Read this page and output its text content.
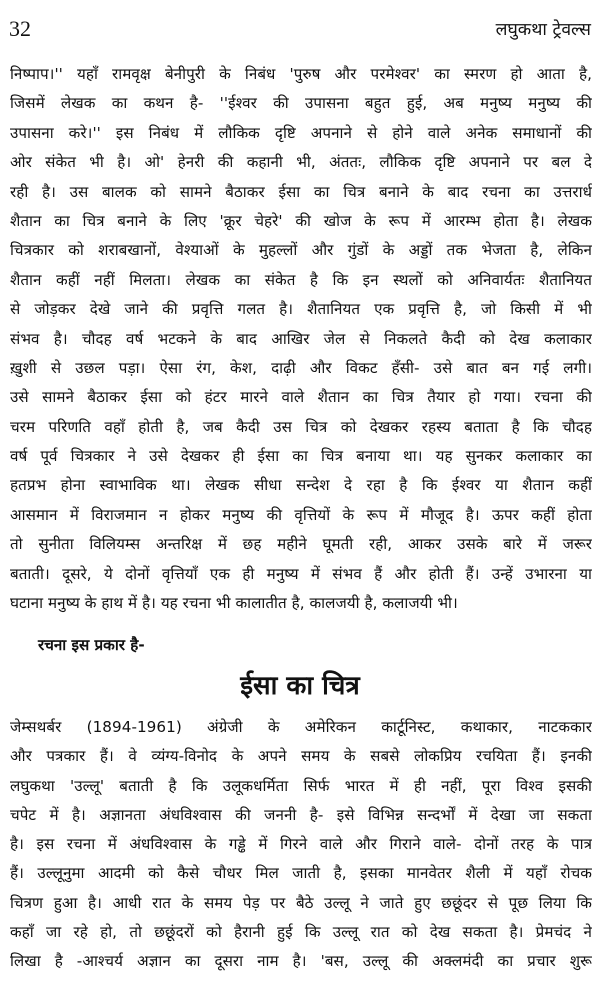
32	लघुकथा ट्रेवल्स
निष्पाप।'' यहाँ रामवृक्ष बेनीपुरी के निबंध 'पुरुष और परमेश्वर' का स्मरण हो आता है,
जिसमें लेखक का कथन है- ''ईश्वर की उपासना बहुत हुई, अब मनुष्य मनुष्य की
उपासना करे।'' इस निबंध में लौकिक दृष्टि अपनाने से होने वाले अनेक समाधानों की
ओर संकेत भी है। ओ' हेनरी की कहानी भी, अंततः, लौकिक दृष्टि अपनाने पर बल दे
रही है। उस बालक को सामने बैठाकर ईसा का चित्र बनाने के बाद रचना का उत्तरार्ध
शैतान का चित्र बनाने के लिए 'क्रूर चेहरे' की खोज के रूप में आरम्भ होता है। लेखक
चित्रकार को शराबखानों, वेश्याओं के मुहल्लों और गुंडों के अड्डों तक भेजता है, लेकिन
शैतान कहीं नहीं मिलता। लेखक का संकेत है कि इन स्थलों को अनिवार्यतः शैतानियत
से जोड़कर देखे जाने की प्रवृत्ति गलत है। शैतानियत एक प्रवृत्ति है, जो किसी में भी
संभव है। चौदह वर्ष भटकने के बाद आखिर जेल से निकलते कैदी को देख कलाकार
ख़ुशी से उछल पड़ा। ऐसा रंग, केश, दाढ़ी और विकट हँसी- उसे बात बन गई लगी।
उसे सामने बैठाकर ईसा को हंटर मारने वाले शैतान का चित्र तैयार हो गया। रचना की
चरम परिणति वहाँ होती है, जब कैदी उस चित्र को देखकर रहस्य बताता है कि चौदह
वर्ष पूर्व चित्रकार ने उसे देखकर ही ईसा का चित्र बनाया था। यह सुनकर कलाकार का
हतप्रभ होना स्वाभाविक था। लेखक सीधा सन्देश दे रहा है कि ईश्वर या शैतान कहीं
आसमान में विराजमान न होकर मनुष्य की वृत्तियों के रूप में मौजूद है। ऊपर कहीं होता
तो सुनीता विलियम्स अन्तरिक्ष में छह महीने घूमती रही, आकर उसके बारे में जरूर
बताती। दूसरे, ये दोनों वृत्तियाँ एक ही मनुष्य में संभव हैं और होती हैं। उन्हें उभारना या
घटाना मनुष्य के हाथ में है। यह रचना भी कालातीत है, कालजयी है, कलाजयी भी।
रचना इस प्रकार है-
ईसा का चित्र
जेम्सथर्बर (1894-1961) अंग्रेजी के अमेरिकन कार्टूनिस्ट, कथाकार, नाटककार
और पत्रकार हैं। वे व्यंग्य-विनोद के अपने समय के सबसे लोकप्रिय रचयिता हैं। इनकी
लघुकथा 'उल्लू' बताती है कि उलूकधर्मिता सिर्फ भारत में ही नहीं, पूरा विश्व इसकी
चपेट में है। अज्ञानता अंधविश्वास की जननी है- इसे विभिन्न सन्दर्भों में देखा जा सकता
है। इस रचना में अंधविश्वास के गड्ढे में गिरने वाले और गिराने वाले- दोनों तरह के पात्र
हैं। उल्लूनुमा आदमी को कैसे चौधर मिल जाती है, इसका मानवेतर शैली में यहाँ रोचक
चित्रण हुआ है। आधी रात के समय पेड़ पर बैठे उल्लू ने जाते हुए छछूंदर से पूछ लिया कि
कहाँ जा रहे हो, तो छछूंदरों को हैरानी हुई कि उल्लू रात को देख सकता है। प्रेमचंद ने
लिखा है -आश्चर्य अज्ञान का दूसरा नाम है। 'बस, उल्लू की अक्लमंदी का प्रचार शुरू
